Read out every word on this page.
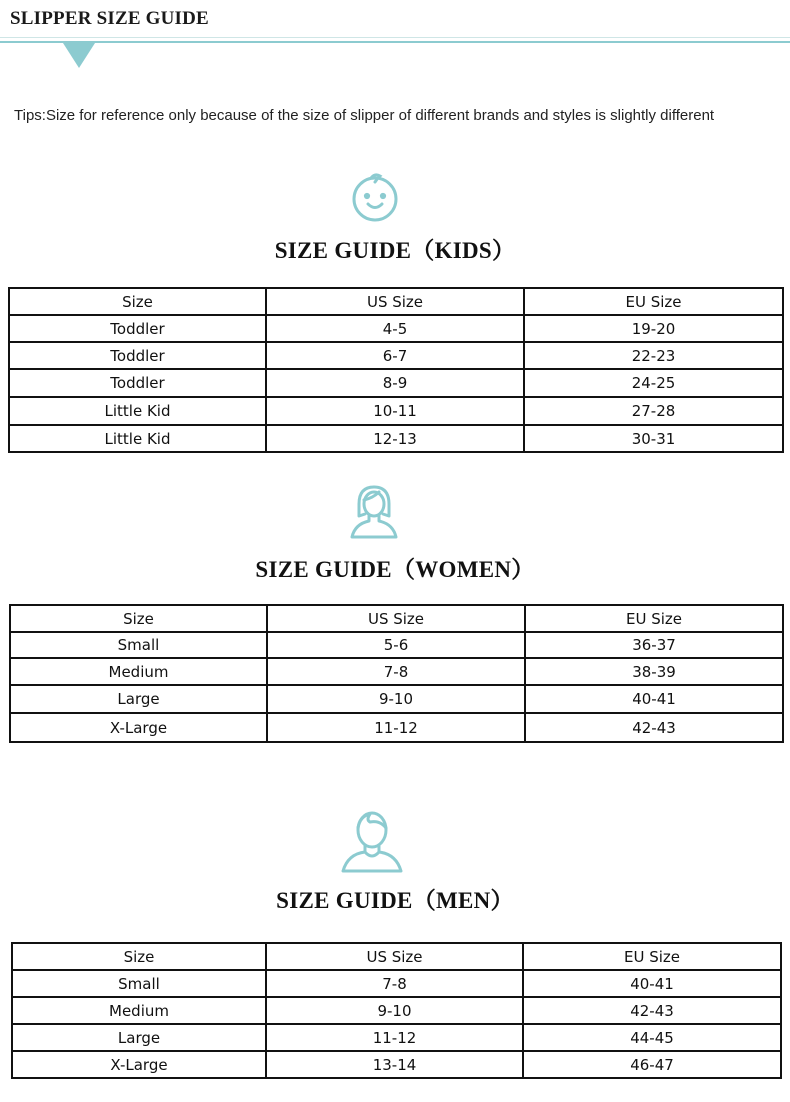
SLIPPER SIZE GUIDE
Tips:Size for reference only because of the size of slipper of different brands and styles is slightly different
SIZE GUIDE（KIDS）
Size	US Size	EU Size
Toddler	4-5	19-20
Toddler	6-7	22-23
Toddler	8-9	24-25
Little Kid	10-11	27-28
Little Kid	12-13	30-31
SIZE GUIDE（WOMEN）
Size	US Size	EU Size
Small	5-6	36-37
Medium	7-8	38-39
Large	9-10	40-41
X-Large	11-12	42-43
SIZE GUIDE（MEN）
Size	US Size	EU Size
Small	7-8	40-41
Medium	9-10	42-43
Large	11-12	44-45
X-Large	13-14	46-47
